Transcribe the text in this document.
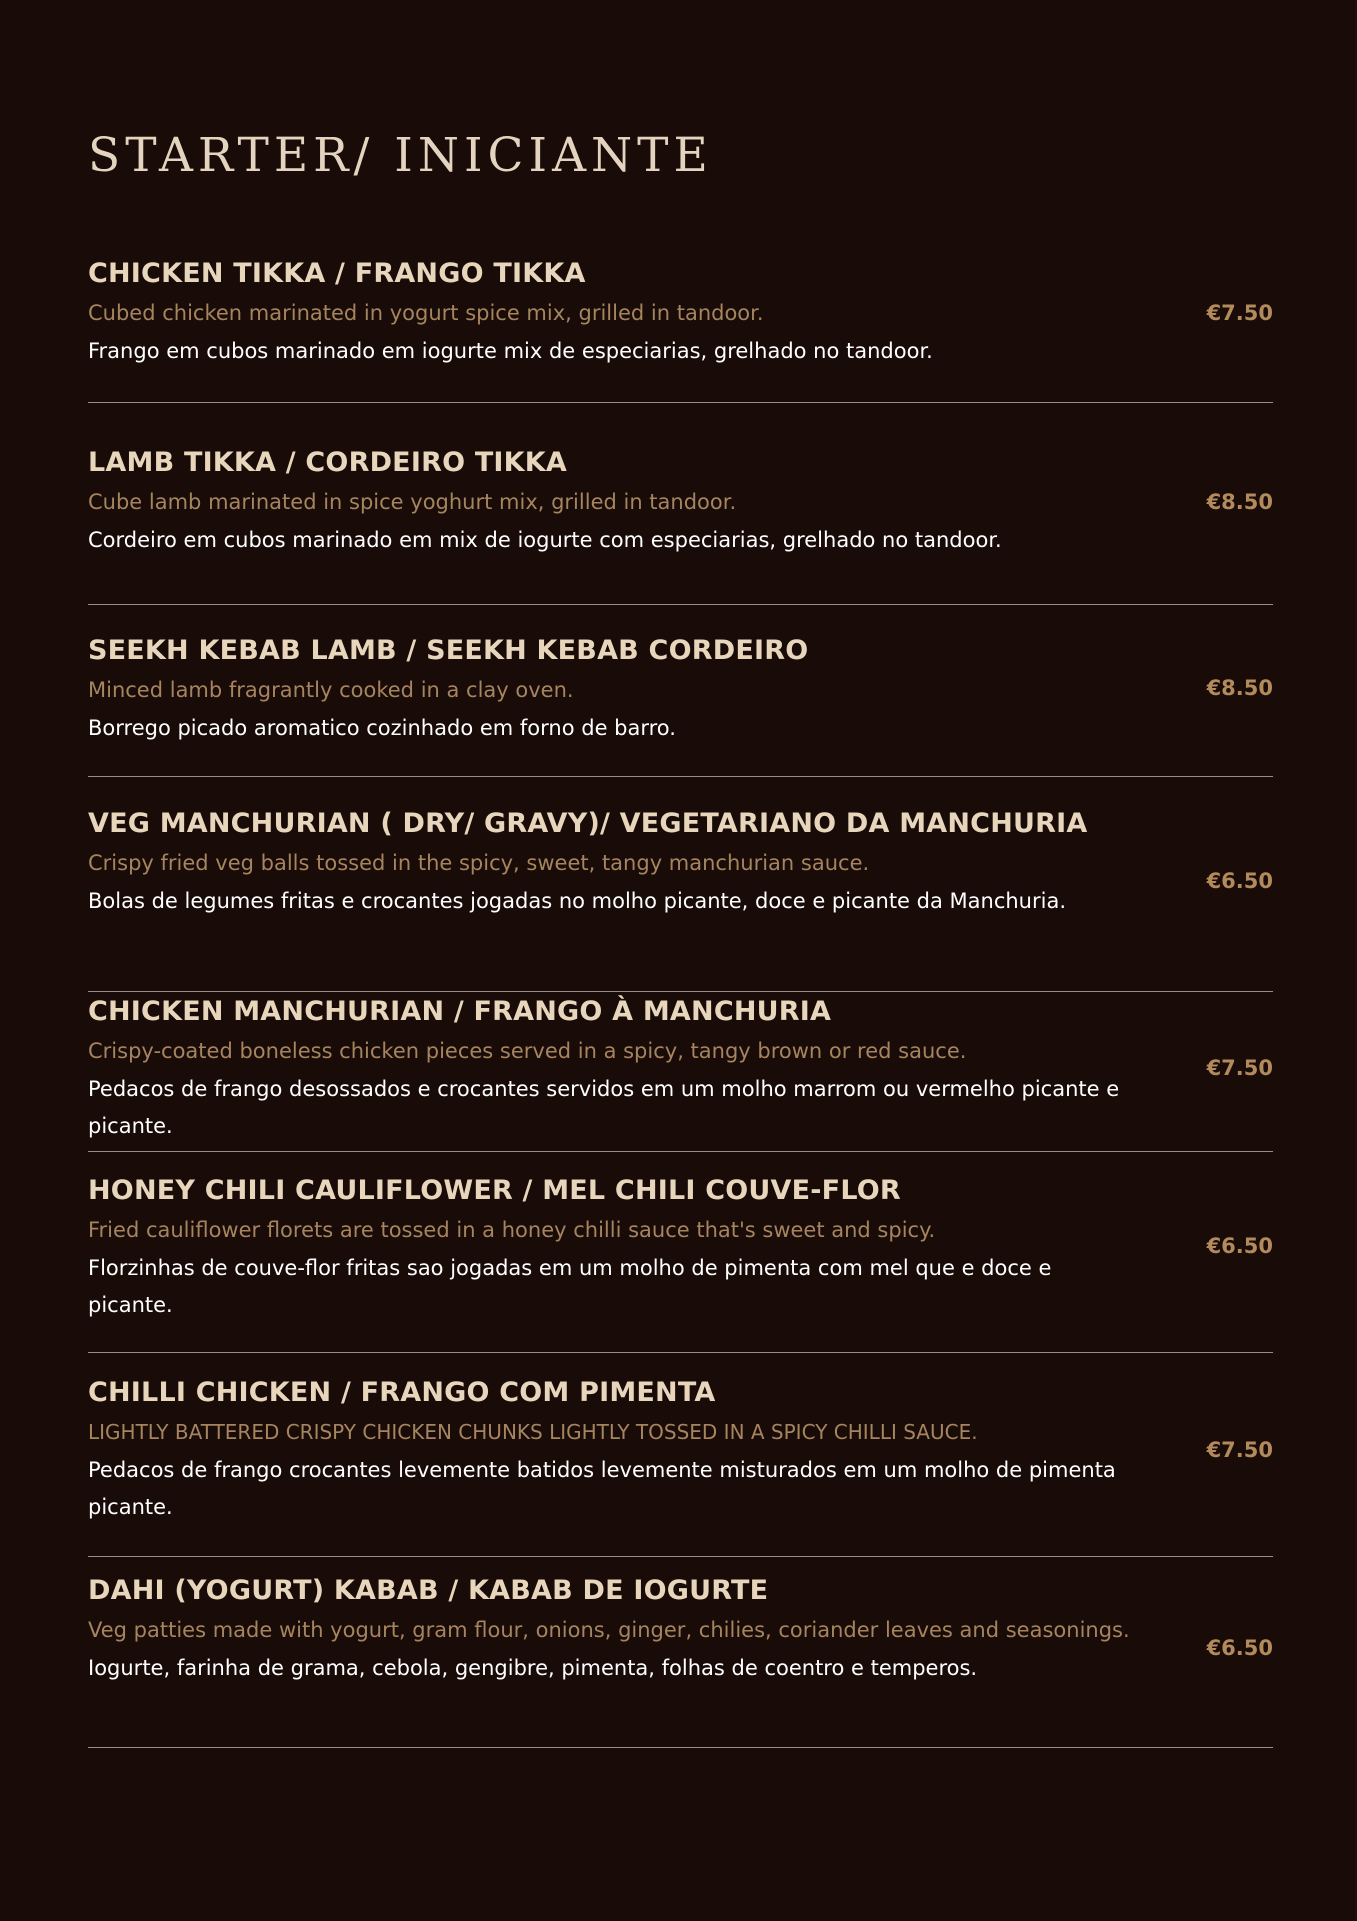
STARTER/ INICIANTE
CHICKEN TIKKA / FRANGO TIKKA
Cubed chicken marinated in yogurt spice mix, grilled in tandoor.
Frango em cubos marinado em iogurte mix de especiarias, grelhado no tandoor.
€7.50
LAMB TIKKA / CORDEIRO TIKKA
Cube lamb marinated in spice yoghurt mix, grilled in tandoor.
Cordeiro em cubos marinado em mix de iogurte com especiarias, grelhado no tandoor.
€8.50
SEEKH KEBAB LAMB / SEEKH KEBAB CORDEIRO
Minced lamb fragrantly cooked in a clay oven.
Borrego picado aromatico cozinhado em forno de barro.
€8.50
VEG MANCHURIAN ( DRY/ GRAVY)/ VEGETARIANO DA MANCHURIA
Crispy fried veg balls tossed in the spicy, sweet, tangy manchurian sauce.
Bolas de legumes fritas e crocantes jogadas no molho picante, doce e picante da Manchuria.
€6.50
CHICKEN MANCHURIAN / FRANGO À MANCHURIA
Crispy-coated boneless chicken pieces served in a spicy, tangy brown or red sauce.
Pedacos de frango desossados e crocantes servidos em um molho marrom ou vermelho picante e picante.
€7.50
HONEY CHILI CAULIFLOWER / MEL CHILI COUVE-FLOR
Fried cauliflower florets are tossed in a honey chilli sauce that's sweet and spicy.
Florzinhas de couve-flor fritas sao jogadas em um molho de pimenta com mel que e doce e picante.
€6.50
CHILLI CHICKEN / FRANGO COM PIMENTA
LIGHTLY BATTERED CRISPY CHICKEN CHUNKS LIGHTLY TOSSED IN A SPICY CHILLI SAUCE.
Pedacos de frango crocantes levemente batidos levemente misturados em um molho de pimenta picante.
€7.50
DAHI (YOGURT) KABAB / KABAB DE IOGURTE
Veg patties made with yogurt, gram flour, onions, ginger, chilies, coriander leaves and seasonings.
Iogurte, farinha de grama, cebola, gengibre, pimenta, folhas de coentro e temperos.
€6.50
